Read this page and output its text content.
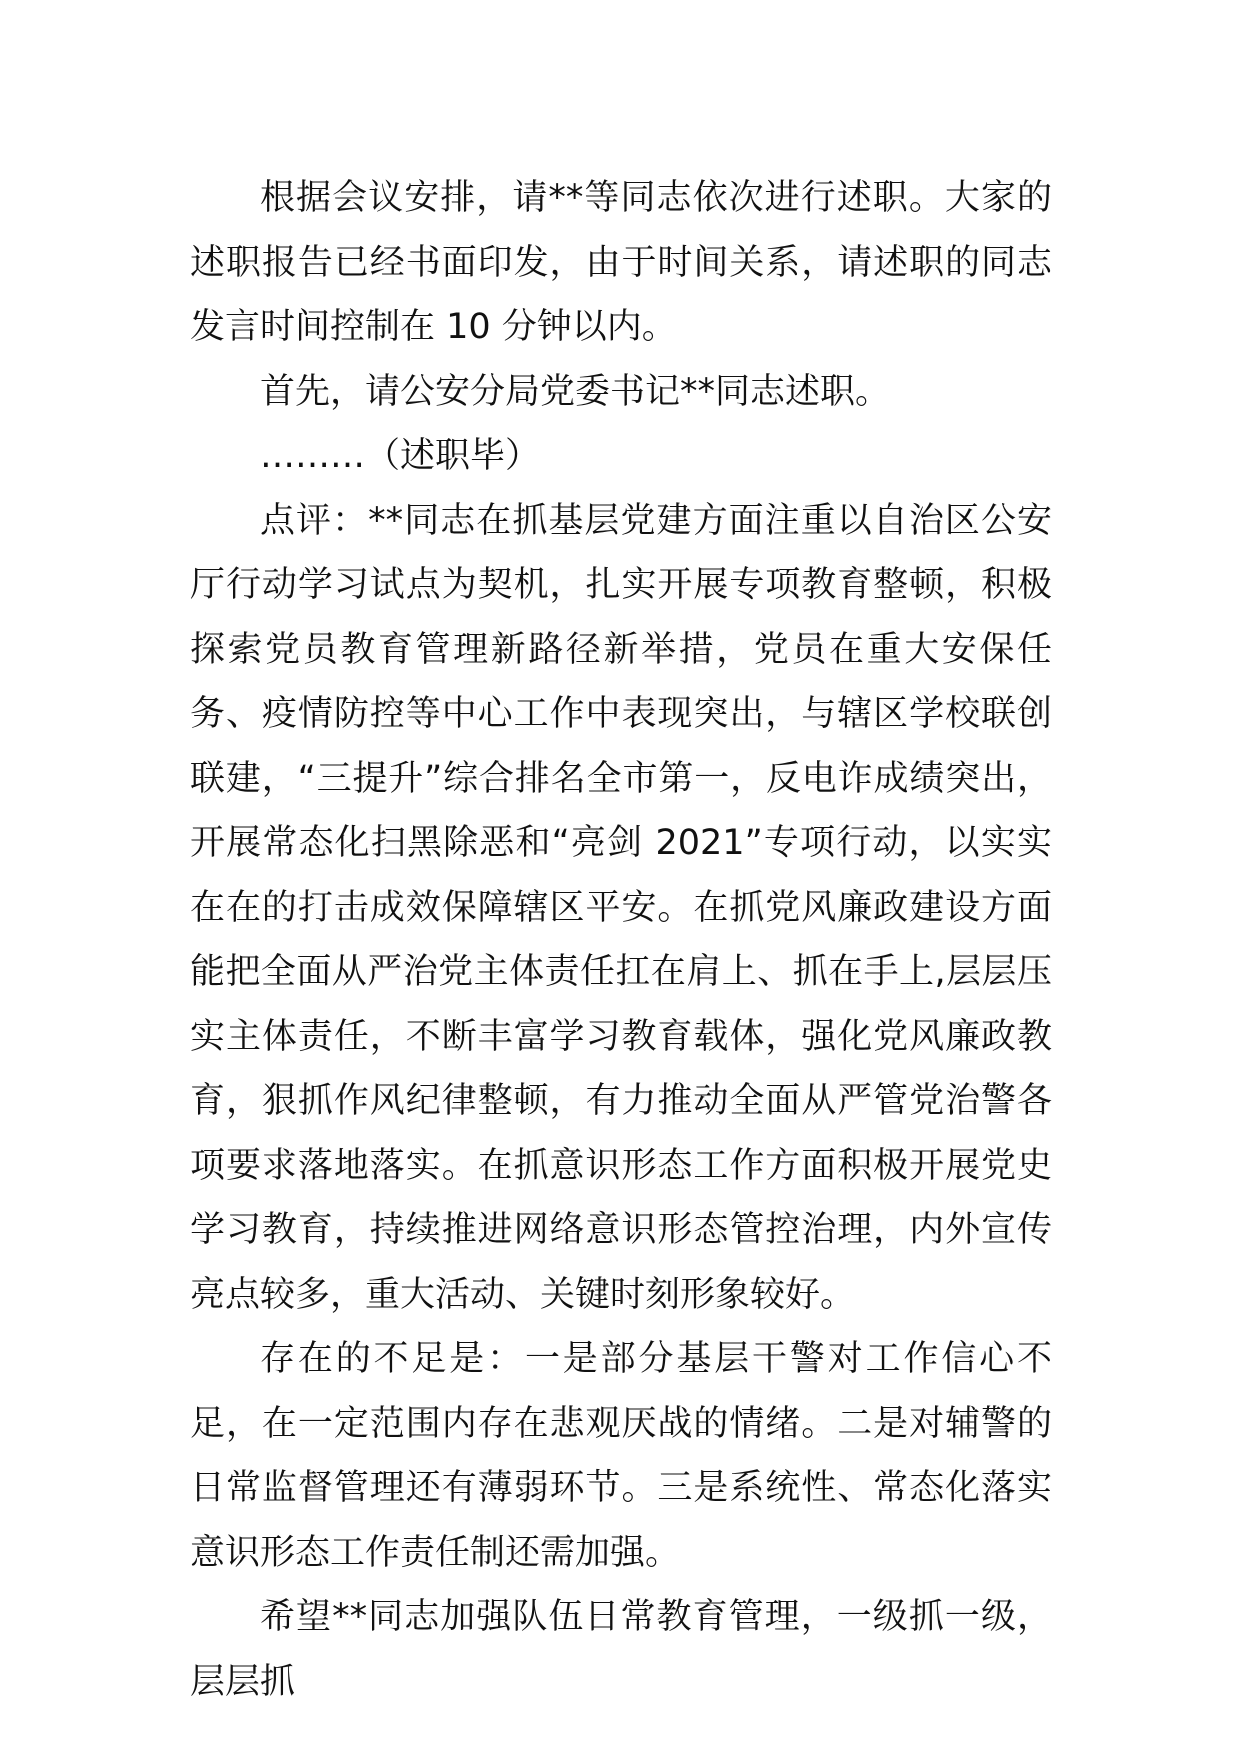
根据会议安排，请**等同志依次进行述职。大家的述职报告已经书面印发，由于时间关系，请述职的同志发言时间控制在 10 分钟以内。

首先，请公安分局党委书记**同志述职。

………（述职毕）

点评：**同志在抓基层党建方面注重以自治区公安厅行动学习试点为契机，扎实开展专项教育整顿，积极探索党员教育管理新路径新举措，党员在重大安保任务、疫情防控等中心工作中表现突出，与辖区学校联创联建，“三提升”综合排名全市第一，反电诈成绩突出，开展常态化扫黑除恶和“亮剑 2021”专项行动，以实实在在的打击成效保障辖区平安。在抓党风廉政建设方面能把全面从严治党主体责任扛在肩上、抓在手上,层层压实主体责任，不断丰富学习教育载体，强化党风廉政教育，狠抓作风纪律整顿，有力推动全面从严管党治警各项要求落地落实。在抓意识形态工作方面积极开展党史学习教育，持续推进网络意识形态管控治理，内外宣传亮点较多，重大活动、关键时刻形象较好。

存在的不足是：一是部分基层干警对工作信心不足，在一定范围内存在悲观厌战的情绪。二是对辅警的日常监督管理还有薄弱环节。三是系统性、常态化落实意识形态工作责任制还需加强。

希望**同志加强队伍日常教育管理，一级抓一级，层层抓
